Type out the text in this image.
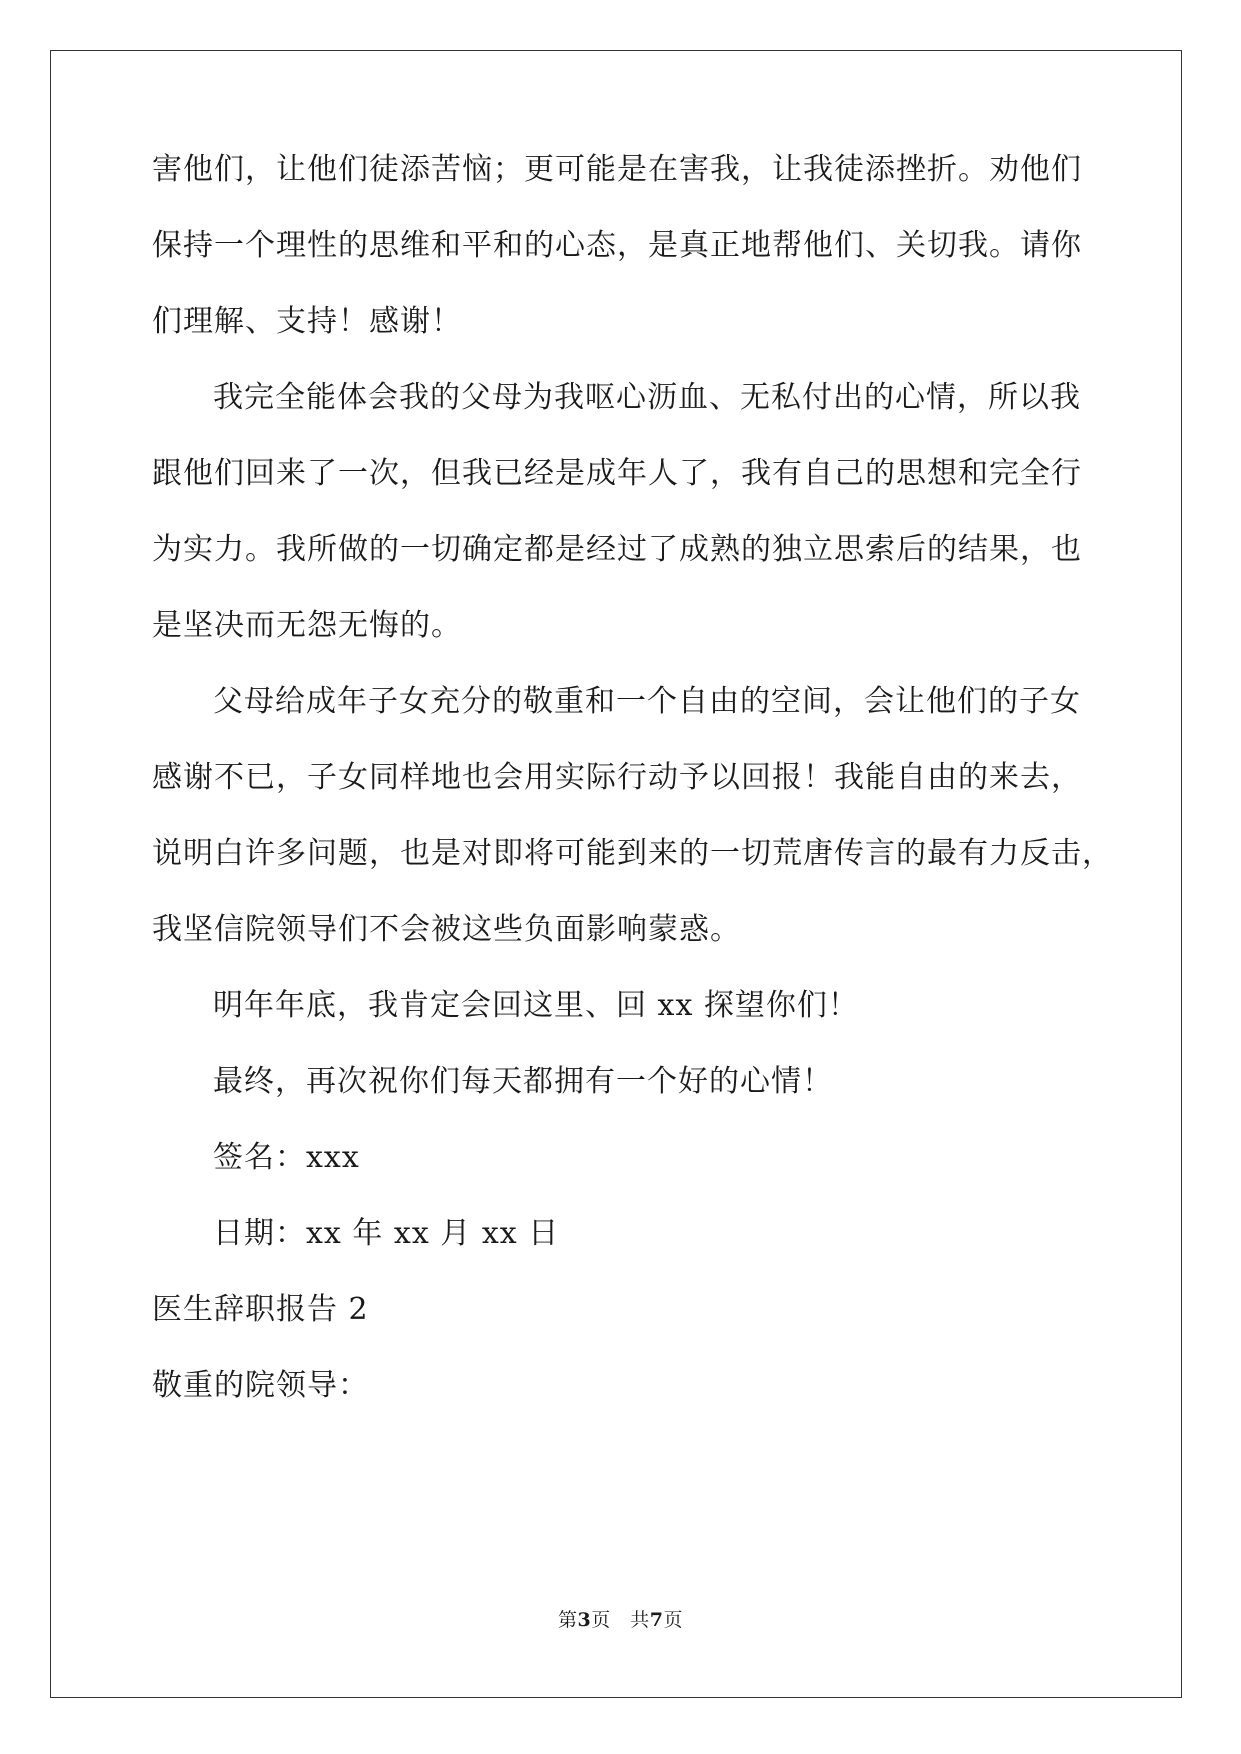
害他们，让他们徒添苦恼；更可能是在害我，让我徒添挫折。劝他们
保持一个理性的思维和平和的心态，是真正地帮他们、关切我。请你
们理解、支持！感谢！
我完全能体会我的父母为我呕心沥血、无私付出的心情，所以我
跟他们回来了一次，但我已经是成年人了，我有自己的思想和完全行
为实力。我所做的一切确定都是经过了成熟的独立思索后的结果，也
是坚决而无怨无悔的。
父母给成年子女充分的敬重和一个自由的空间，会让他们的子女
感谢不已，子女同样地也会用实际行动予以回报！我能自由的来去，
说明白许多问题，也是对即将可能到来的一切荒唐传言的最有力反击，
我坚信院领导们不会被这些负面影响蒙惑。
明年年底，我肯定会回这里、回 xx 探望你们！
最终，再次祝你们每天都拥有一个好的心情！
签名：xxx
日期：xx 年 xx 月 xx 日
医生辞职报告 2
敬重的院领导：
第3页　共7页
